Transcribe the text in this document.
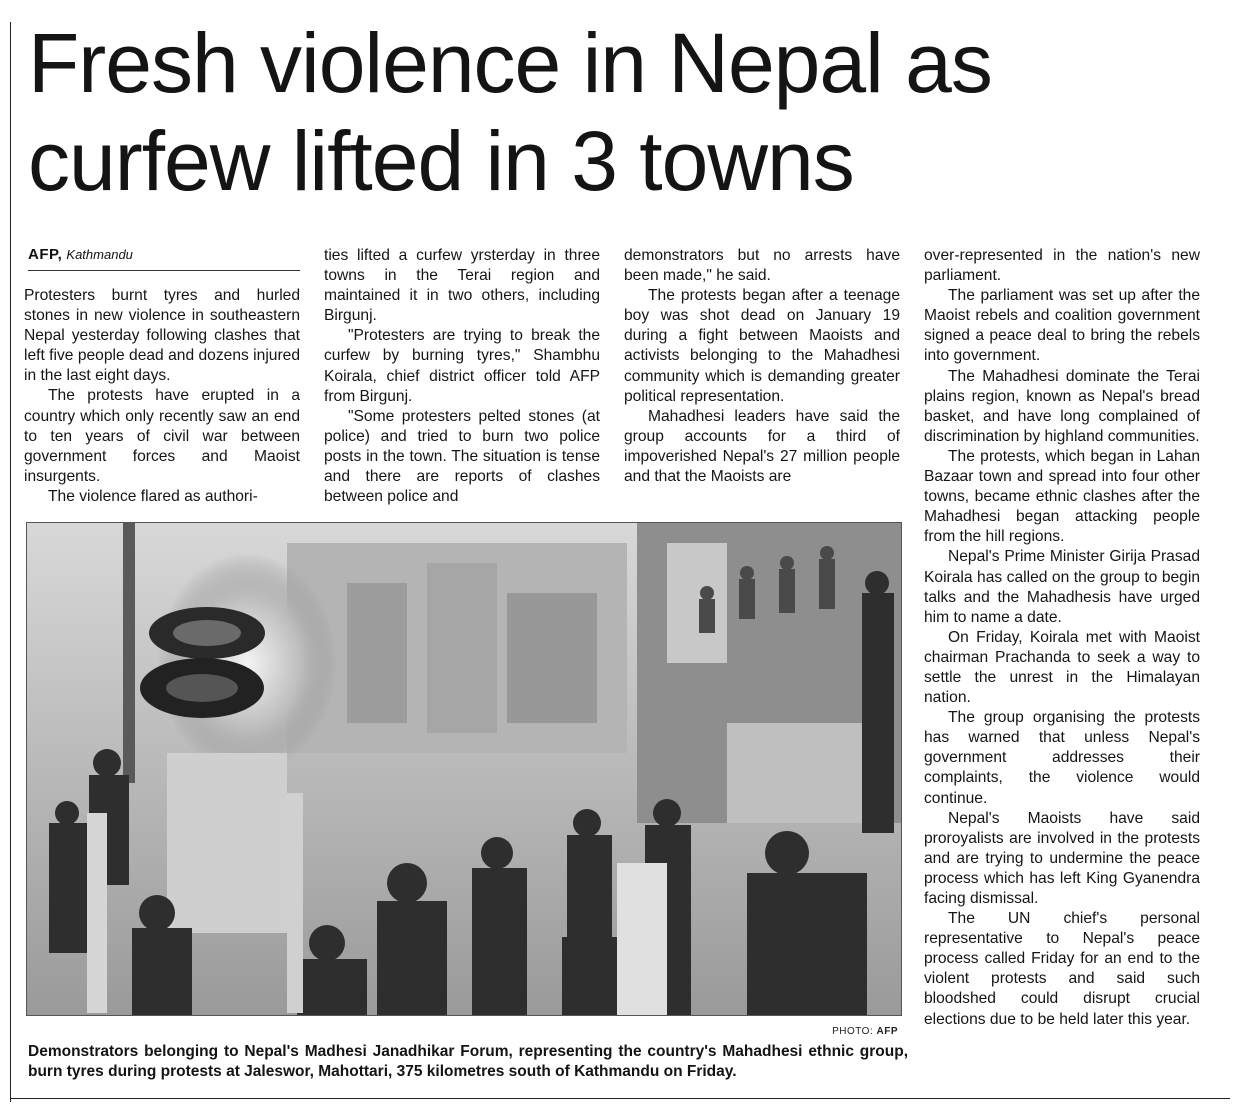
Fresh violence in Nepal as curfew lifted in 3 towns
AFP, Kathmandu

Protesters burnt tyres and hurled stones in new violence in southeastern Nepal yesterday following clashes that left five people dead and dozens injured in the last eight days.

The protests have erupted in a country which only recently saw an end to ten years of civil war between government forces and Maoist insurgents.

The violence flared as authori-

ties lifted a curfew yrsterday in three towns in the Terai region and maintained it in two others, including Birgunj.

"Protesters are trying to break the curfew by burning tyres," Shambhu Koirala, chief district officer told AFP from Birgunj.

"Some protesters pelted stones (at police) and tried to burn two police posts in the town. The situation is tense and there are reports of clashes between police and

demonstrators but no arrests have been made," he said.

The protests began after a teenage boy was shot dead on January 19 during a fight between Maoists and activists belonging to the Mahadhesi community which is demanding greater political representation.

Mahadhesi leaders have said the group accounts for a third of impoverished Nepal's 27 million people and that the Maoists are

over-represented in the nation's new parliament.

The parliament was set up after the Maoist rebels and coalition government signed a peace deal to bring the rebels into government.

The Mahadhesi dominate the Terai plains region, known as Nepal's bread basket, and have long complained of discrimination by highland communities.

The protests, which began in Lahan Bazaar town and spread into four other towns, became ethnic clashes after the Mahadhesi began attacking people from the hill regions.

Nepal's Prime Minister Girija Prasad Koirala has called on the group to begin talks and the Mahadhesis have urged him to name a date.

On Friday, Koirala met with Maoist chairman Prachanda to seek a way to settle the unrest in the Himalayan nation.

The group organising the protests has warned that unless Nepal's government addresses their complaints, the violence would continue.

Nepal's Maoists have said proroyalists are involved in the protests and are trying to undermine the peace process which has left King Gyanendra facing dismissal.

The UN chief's personal representative to Nepal's peace process called Friday for an end to the violent protests and said such bloodshed could disrupt crucial elections due to be held later this year.

PHOTO: AFP
Demonstrators belonging to Nepal's Madhesi Janadhikar Forum, representing the country's Mahadhesi ethnic group, burn tyres during protests at Jaleswor, Mahottari, 375 kilometres south of Kathmandu on Friday.
